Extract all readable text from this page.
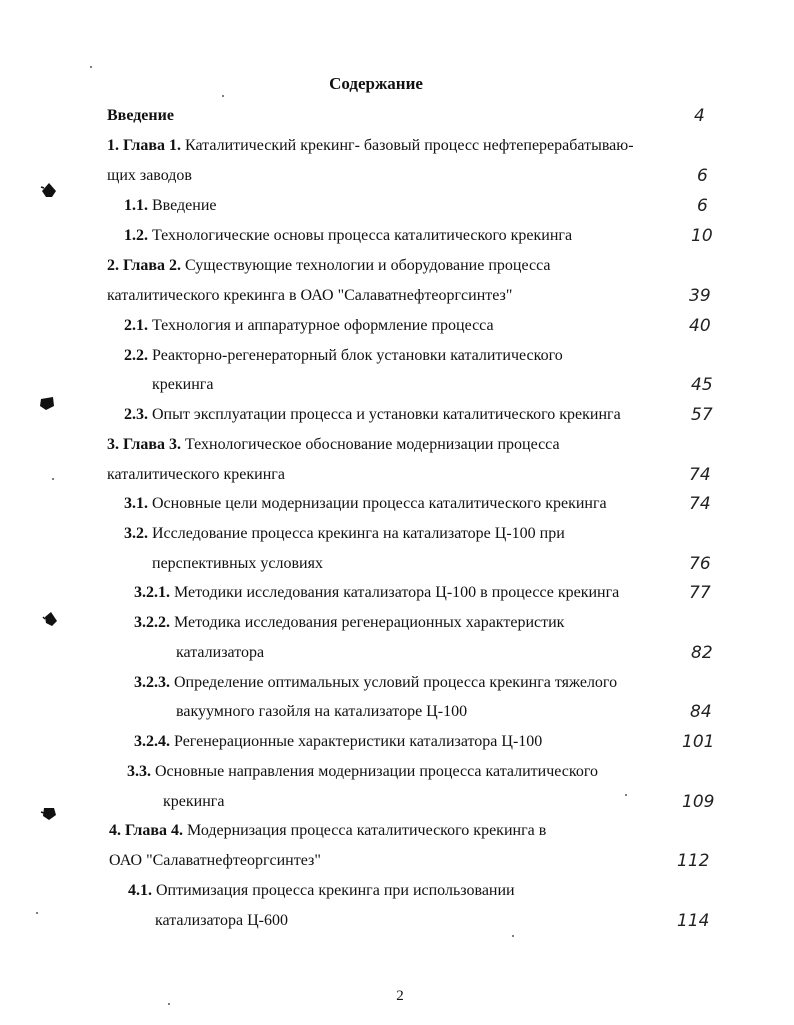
Содержание
Введение	4
1. Глава 1. Каталитический крекинг- базовый процесс нефтеперерабатываю-
щих заводов	6
1.1. Введение	6
1.2. Технологические основы процесса каталитического крекинга	10
2. Глава 2. Существующие технологии и оборудование процесса
каталитического крекинга в ОАО "Салаватнефтеоргсинтез"	39
2.1. Технология и аппаратурное оформление процесса	40
2.2. Реакторно-регенераторный блок установки каталитического
крекинга	45
2.3. Опыт эксплуатации процесса и установки каталитического крекинга	57
3. Глава 3. Технологическое обоснование модернизации процесса
каталитического крекинга	74
3.1. Основные цели модернизации процесса каталитического крекинга	74
3.2. Исследование процесса крекинга на катализаторе Ц-100 при
перспективных условиях	76
3.2.1. Методики исследования катализатора Ц-100 в процессе крекинга	77
3.2.2. Методика исследования регенерационных характеристик
катализатора	82
3.2.3. Определение оптимальных условий процесса крекинга тяжелого
вакуумного газойля на катализаторе Ц-100	84
3.2.4. Регенерационные характеристики катализатора Ц-100	101
3.3. Основные направления модернизации процесса каталитического
крекинга	109
4. Глава 4. Модернизация процесса каталитического крекинга в
ОАО "Салаватнефтеоргсинтез"	112
4.1. Оптимизация процесса крекинга при использовании
катализатора Ц-600	114
2
